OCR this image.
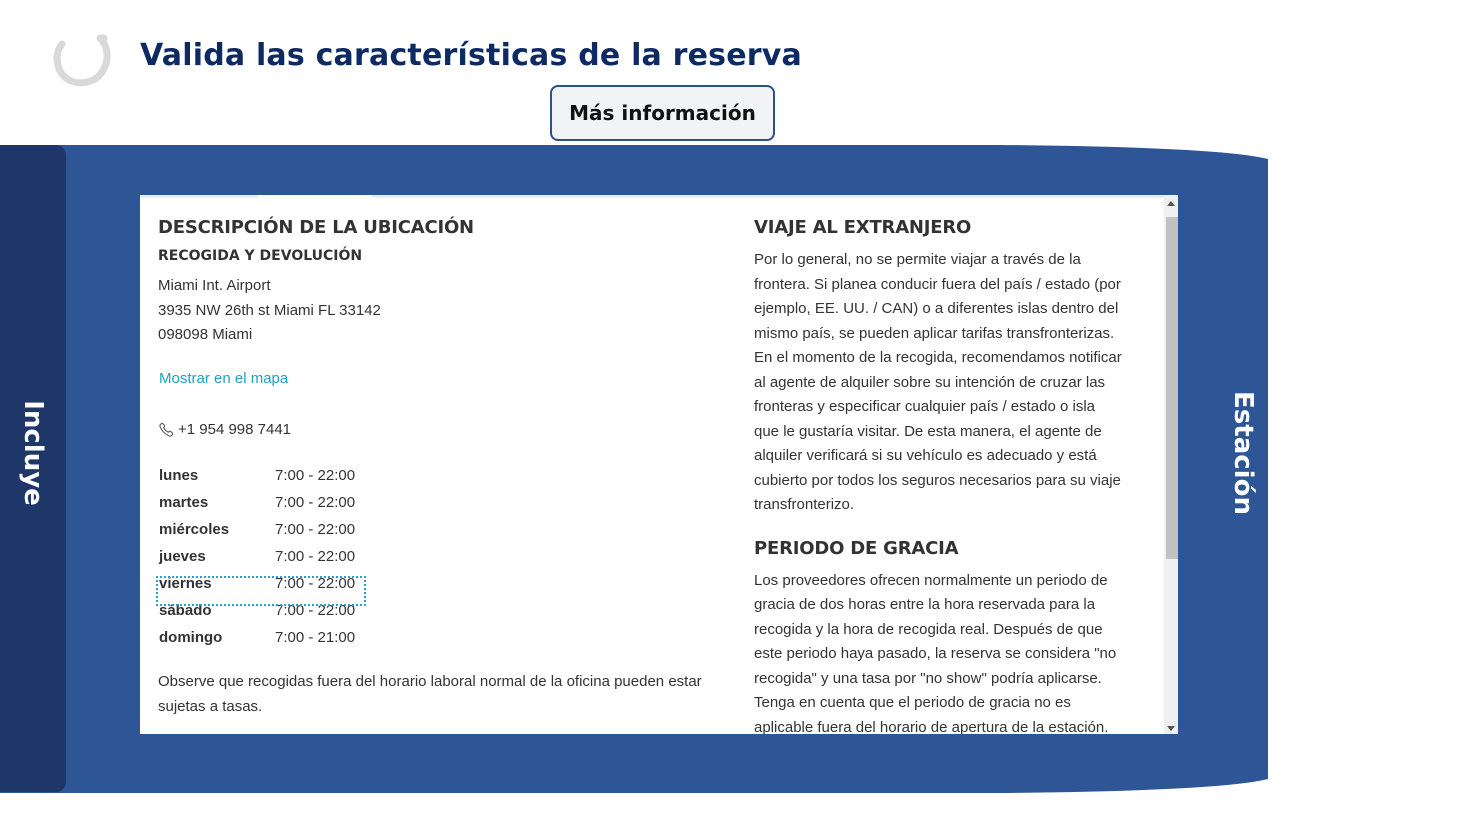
Valida las características de la reserva
Más información
Incluye	Estación
DESCRIPCIÓN DE LA UBICACIÓN
RECOGIDA Y DEVOLUCIÓN
Miami Int. Airport
3935 NW 26th st Miami FL 33142
098098 Miami
Mostrar en el mapa
+1 954 998 7441
lunes	7:00 - 22:00
martes	7:00 - 22:00
miércoles	7:00 - 22:00
jueves	7:00 - 22:00
viernes	7:00 - 22:00
sábado	7:00 - 22:00
domingo	7:00 - 21:00
Observe que recogidas fuera del horario laboral normal de la oficina pueden estar sujetas a tasas.
VIAJE AL EXTRANJERO

Por lo general, no se permite viajar a través de la

frontera. Si planea conducir fuera del país / estado (por

ejemplo, EE. UU. / CAN) o a diferentes islas dentro del

mismo país, se pueden aplicar tarifas transfronterizas.

En el momento de la recogida, recomendamos notificar

al agente de alquiler sobre su intención de cruzar las

fronteras y especificar cualquier país / estado o isla

que le gustaría visitar. De esta manera, el agente de

alquiler verificará si su vehículo es adecuado y está

cubierto por todos los seguros necesarios para su viaje

transfronterizo.

PERIODO DE GRACIA

Los proveedores ofrecen normalmente un periodo de

gracia de dos horas entre la hora reservada para la

recogida y la hora de recogida real. Después de que

este periodo haya pasado, la reserva se considera "no

recogida" y una tasa por "no show" podría aplicarse.

Tenga en cuenta que el periodo de gracia no es

aplicable fuera del horario de apertura de la estación.
